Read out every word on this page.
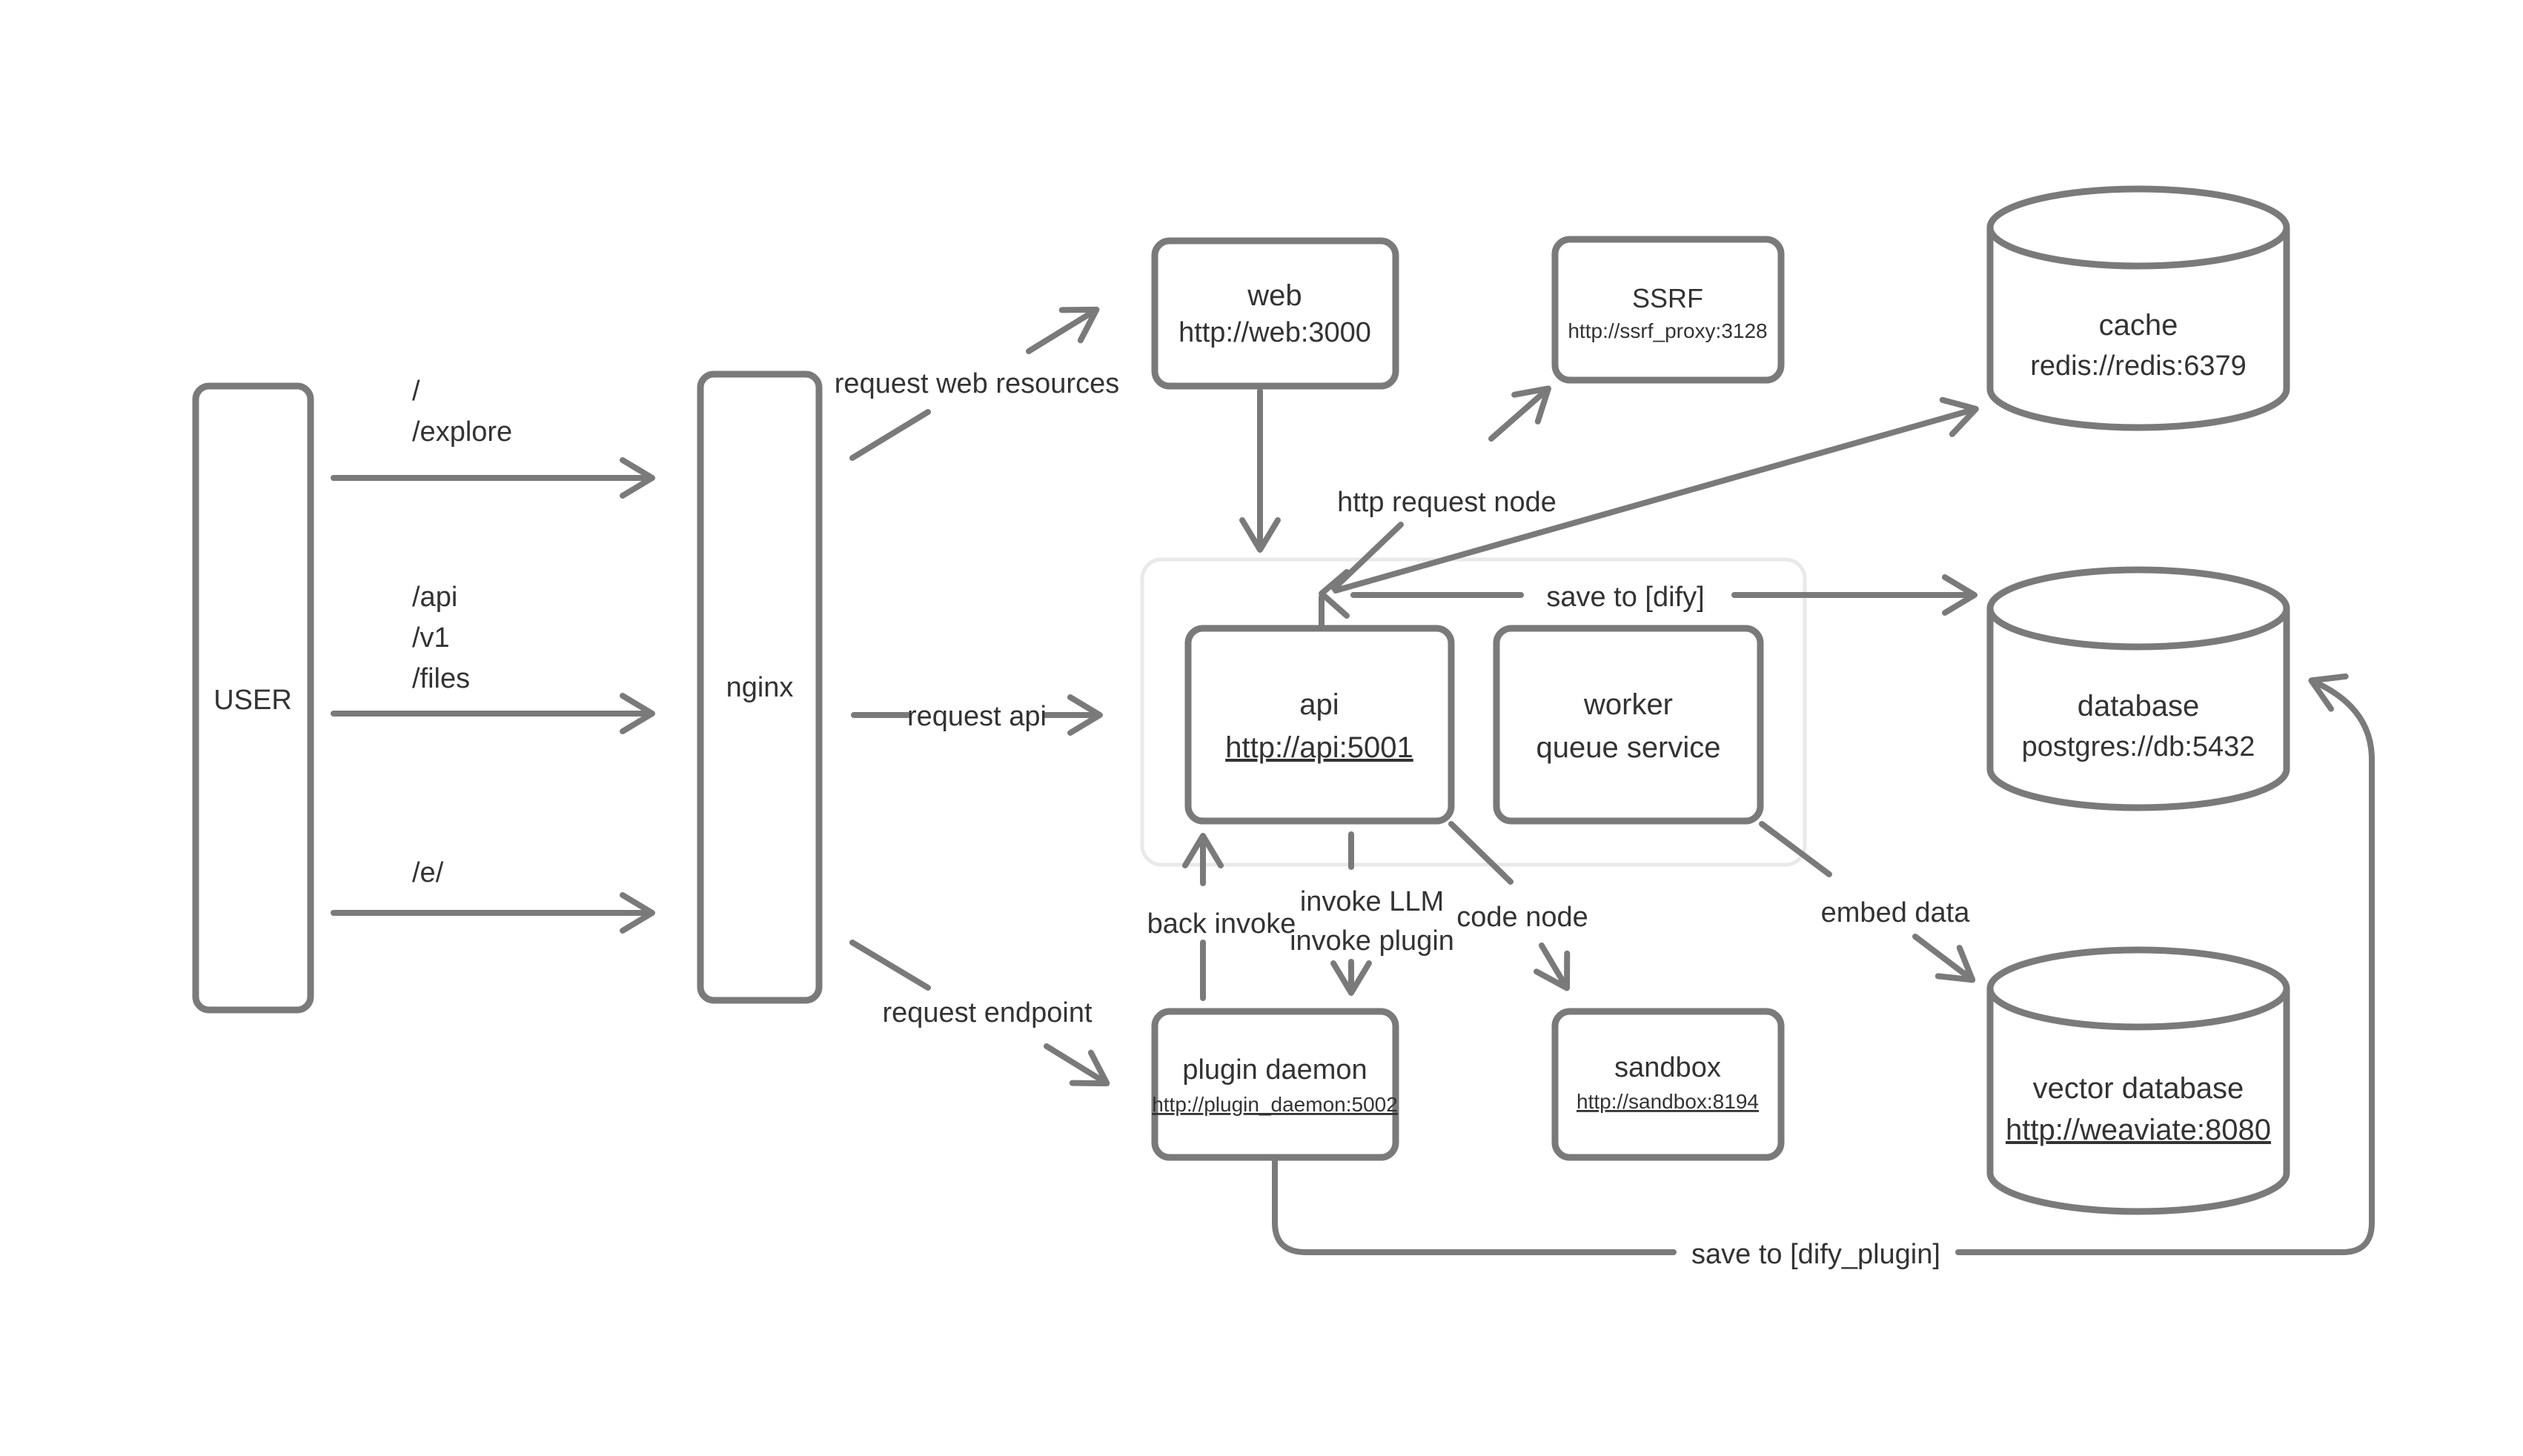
USER	nginx
web
http://web:3000
SSRF
http://ssrf_proxy:3128	cache
redis://redis:6379
api
http://api:5001
worker
queue service
database
postgres://db:5432
plugin daemon
http://plugin_daemon:5002
sandbox
http://sandbox:8194	vector database
http://weaviate:8080
/
/explore
/api
/v1
/files
/e/
request web resources
request api
request endpoint
http request node
save to [dify]
back invoke
invoke LLM
invoke plugin
code node	embed data
save to [dify_plugin]
